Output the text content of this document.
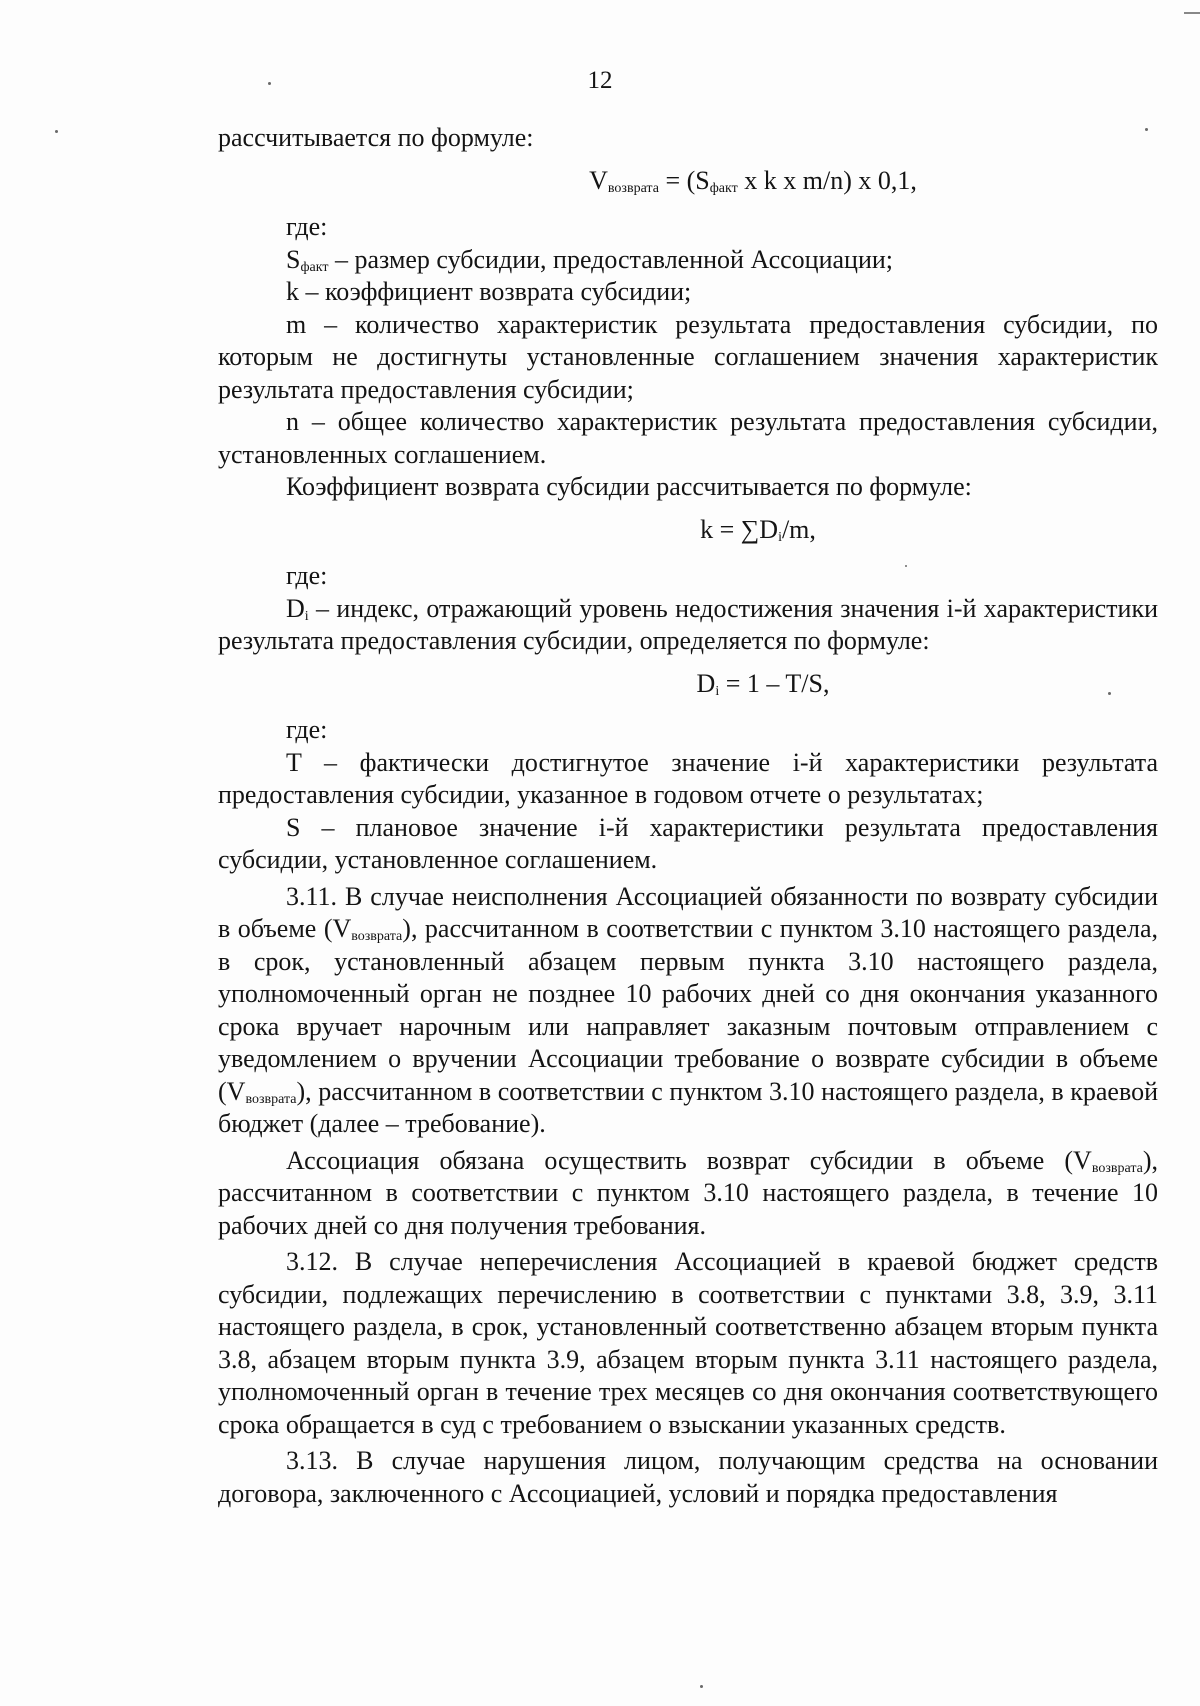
12

рассчитывается по формуле:

$V_{возврата} = (S_{факт}$ x k x m/n) x 0,1,

где:

$S_{факт}$ – размер субсидии, предоставленной Ассоциации;

k – коэффициент возврата субсидии;

m – количество характеристик результата предоставления субсидии, по которым не достигнуты установленные соглашением значения характеристик результата предоставления субсидии;

n – общее количество характеристик результата предоставления субсидии, установленных соглашением.

Коэффициент возврата субсидии рассчитывается по формуле:

$k = \sum D_i/m$,

где:

$D_i$ – индекс, отражающий уровень недостижения значения i-й характеристики результата предоставления субсидии, определяется по формуле:

$D_i = 1 - T/S$,

где:

T – фактически достигнутое значение i-й характеристики результата предоставления субсидии, указанное в годовом отчете о результатах;

S – плановое значение i-й характеристики результата предоставления субсидии, установленное соглашением.

3.11. В случае неисполнения Ассоциацией обязанности по возврату субсидии в объеме $(V_{возврата})$, рассчитанном в соответствии с пунктом 3.10 настоящего раздела, в срок, установленный абзацем первым пункта 3.10 настоящего раздела, уполномоченный орган не позднее 10 рабочих дней со дня окончания указанного срока вручает нарочным или направляет заказным почтовым отправлением с уведомлением о вручении Ассоциации требование о возврате субсидии в объеме $(V_{возврата})$, рассчитанном в соответствии с пунктом 3.10 настоящего раздела, в краевой бюджет (далее – требование).

Ассоциация обязана осуществить возврат субсидии в объеме $(V_{возврата})$, рассчитанном в соответствии с пунктом 3.10 настоящего раздела, в течение 10 рабочих дней со дня получения требования.

3.12. В случае неперечисления Ассоциацией в краевой бюджет средств субсидии, подлежащих перечислению в соответствии с пунктами 3.8, 3.9, 3.11 настоящего раздела, в срок, установленный соответственно абзацем вторым пункта 3.8, абзацем вторым пункта 3.9, абзацем вторым пункта 3.11 настоящего раздела, уполномоченный орган в течение трех месяцев со дня окончания соответствующего срока обращается в суд с требованием о взыскании указанных средств.

3.13. В случае нарушения лицом, получающим средства на основании договора, заключенного с Ассоциацией, условий и порядка предоставления
